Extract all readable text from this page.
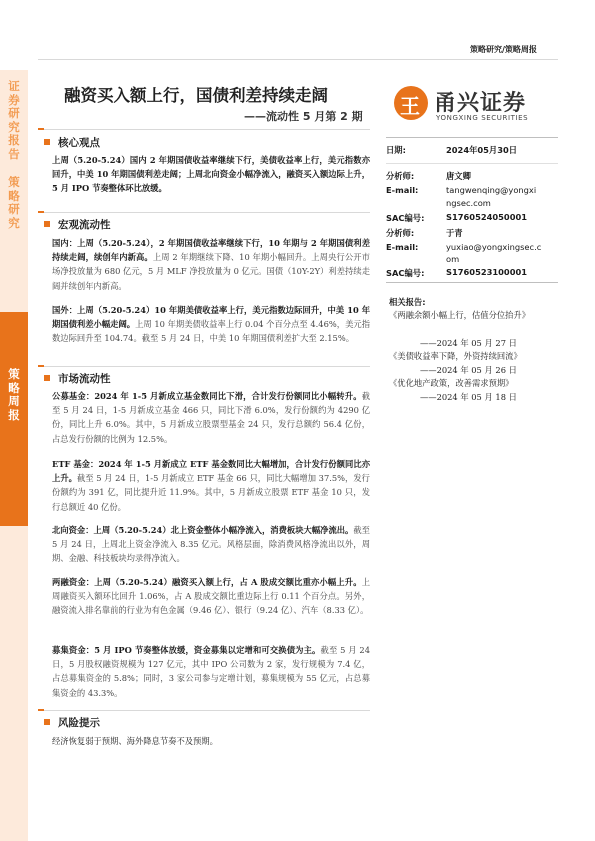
策略研究/策略周报
证券研究报告
策略研究
策略周报
融资买入额上行，国债利差持续走阔
——流动性 5 月第 2 期 王 甬兴证券
YONGXING SECURITIES
核心观点
上周（5.20-5.24）国内 2 年期国债收益率继续下行，美债收益率上行，美元指数亦回升，中美 10 年期国债利差走阔；上周北向资金小幅净流入，融资买入额边际上升，5 月 IPO 节奏整体环比放缓。
宏观流动性
国内：上周（5.20-5.24），2 年期国债收益率继续下行，10 年期与 2 年期国债利差持续走阔，续创年内新高。上周 2 年期继续下降、10 年期小幅回升。上周央行公开市场净投放量为 680 亿元，5 月 MLF 净投放量为 0 亿元。国债（10Y-2Y）利差持续走阔并续创年内新高。
国外：上周（5.20-5.24）10 年期美债收益率上行，美元指数边际回升，中美 10 年期国债利差小幅走阔。上周 10 年期美债收益率上行 0.04 个百分点至 4.46%，美元指数边际回升至 104.74。截至 5 月 24 日，中美 10 年期国债利差扩大至 2.15%。
市场流动性
公募基金：2024 年 1-5 月新成立基金数同比下滑，合计发行份额同比小幅转升。截至 5 月 24 日，1-5 月新成立基金 466 只，同比下滑 6.0%，发行份额约为 4290 亿份，同比上升 6.0%。其中，5 月新成立股票型基金 24 只，发行总额约 56.4 亿份，占总发行份额的比例为 12.5%。
ETF 基金：2024 年 1-5 月新成立 ETF 基金数同比大幅增加，合计发行份额同比亦上升。截至 5 月 24 日，1-5 月新成立 ETF 基金 66 只，同比大幅增加 37.5%，发行份额约为 391 亿，同比提升近 11.9%。其中，5 月新成立股票 ETF 基金 10 只，发行总额近 40 亿份。
北向资金：上周（5.20-5.24）北上资金整体小幅净流入，消费板块大幅净流出。截至 5 月 24 日，上周北上资金净流入 8.35 亿元。风格层面，除消费风格净流出以外，周期、金融、科技板块均录得净流入。
两融资金：上周（5.20-5.24）融资买入额上行，占 A 股成交额比重亦小幅上升。上周融资买入额环比回升 1.06%，占 A 股成交额比重边际上行 0.11 个百分点。另外，融资流入排名靠前的行业为有色金属（9.46 亿）、银行（9.24 亿）、汽车（8.33 亿）。
募集资金：5 月 IPO 节奏整体放缓，资金募集以定增和可交换债为主。截至 5 月 24 日，5 月股权融资规模为 127 亿元，其中 IPO 公司数为 2 家，发行规模为 7.4 亿，占总募集资金的 5.8%；同时，3 家公司参与定增计划，募集规模为 55 亿元，占总募集资金的 43.3%。
风险提示
经济恢复弱于预期、海外降息节奏不及预期。
日期:	2024年05月30日
分析师:	唐文卿
E-mail:	tangwenqing@yongxi
ngsec.com
SAC编号:	S1760524050001
分析师:	于青
E-mail:	yuxiao@yongxingsec.c
om
SAC编号:	S1760523100001
相关报告:
《两融余额小幅上行，估值分位抬升》
——2024 年 05 月 27 日
《美债收益率下降，外资持续回流》
——2024 年 05 月 26 日
《优化地产政策，改善需求预期》
——2024 年 05 月 18 日
